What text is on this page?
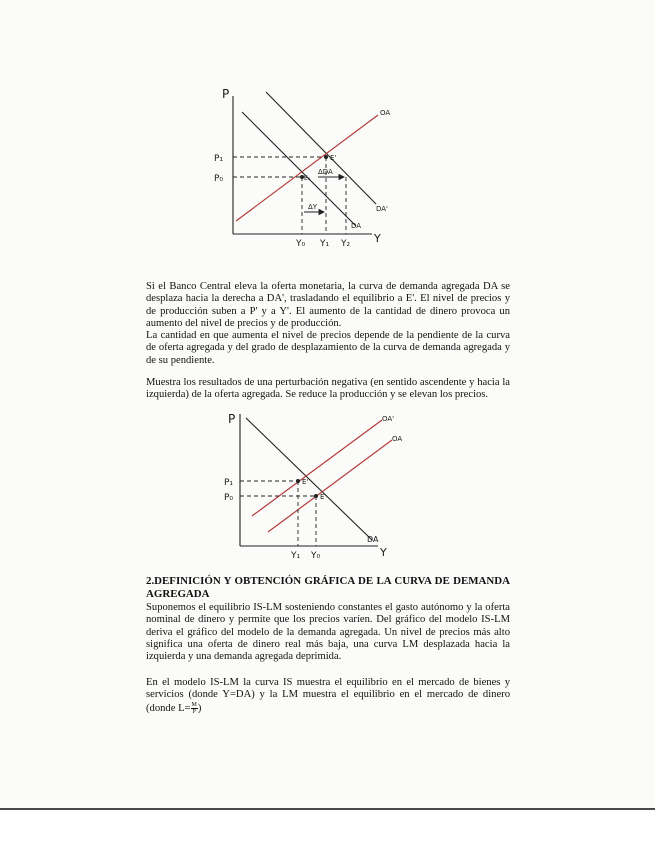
P
P₁
P₀
E'
E₀
ΔDA
ΔY
Y₀ Y₁ Y₂ Y
OA
DA
DA'

Si el Banco Central eleva la oferta monetaria, la curva de demanda agregada DA se desplaza hacia la derecha a DA', trasladando el equilibrio a E'. El nivel de precios y de producción suben a P' y a Y'. El aumento de la cantidad de dinero provoca un aumento del nivel de precios y de producción.

La cantidad en que aumenta el nivel de precios depende de la pendiente de la curva de oferta agregada y del grado de desplazamiento de la curva de demanda agregada y de su pendiente.

Muestra los resultados de una perturbación negativa (en sentido ascendente y hacia la izquierda) de la oferta agregada. Se reduce la producción y se elevan los precios.

P	OA'
OA
P₁
P₀
E'
E
DA
Y₁ Y₀	Y
2.DEFINICIÓN Y OBTENCIÓN GRÁFICA DE LA CURVA DE DEMANDA AGREGADA

Suponemos el equilibrio IS-LM sosteniendo constantes el gasto autónomo y la oferta nominal de dinero y permite que los precios varíen. Del gráfico del modelo IS-LM deriva el gráfico del modelo de la demanda agregada. Un nivel de precios más alto significa una oferta de dinero real más baja, una curva LM desplazada hacia la izquierda y una demanda agregada deprimida.

En el modelo IS-LM la curva IS muestra el equilibrio en el mercado de bienes y servicios (donde Y=DA) y la LM muestra el equilibrio en el mercado de dinero (donde $L= \frac{M}{P}$ )
